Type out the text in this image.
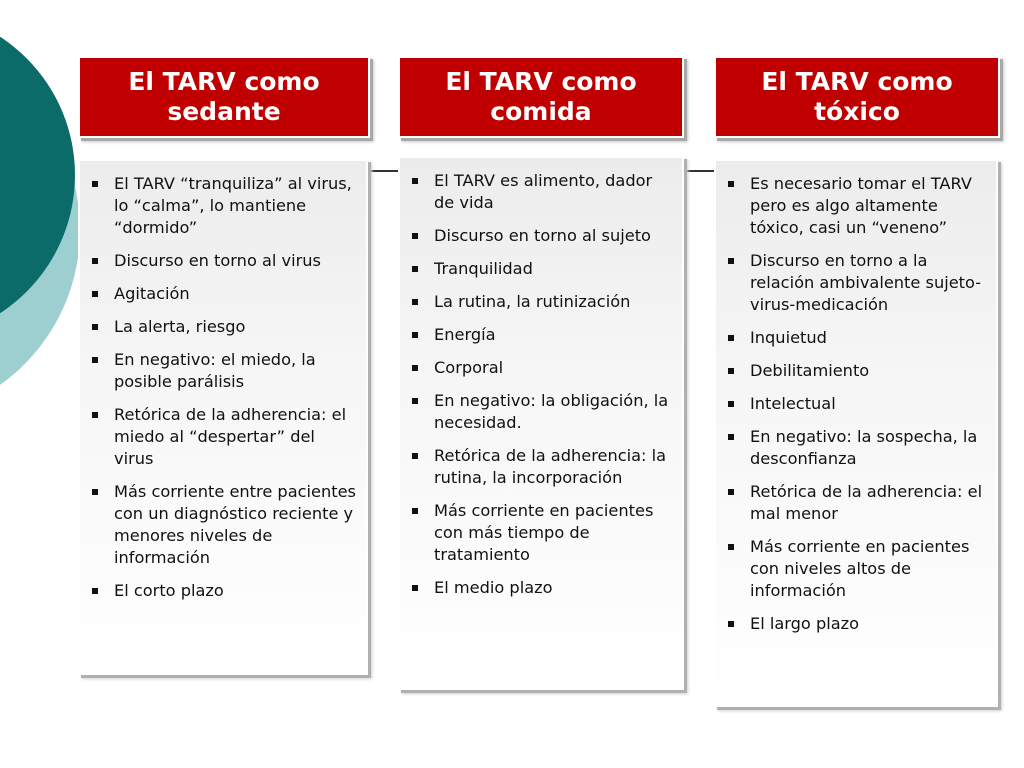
El TARV como
sedante
El TARV “tranquiliza” al virus, lo “calma”, lo mantiene “dormido”
Discurso en torno al virus
Agitación
La alerta, riesgo
En negativo: el miedo, la posible parálisis
Retórica de la adherencia: el miedo al “despertar” del virus
Más corriente entre pacientes con un diagnóstico reciente y menores niveles de información
El corto plazo
El TARV como
comida
El TARV es alimento, dador de vida
Discurso en torno al sujeto
Tranquilidad
La rutina, la rutinización
Energía
Corporal
En negativo: la obligación, la necesidad.
Retórica de la adherencia: la rutina, la incorporación
Más corriente en pacientes con más tiempo de tratamiento
El medio plazo
El TARV como
tóxico
Es necesario tomar el TARV pero es algo altamente tóxico, casi un “veneno”
Discurso en torno a la relación ambivalente sujeto-virus-medicación
Inquietud
Debilitamiento
Intelectual
En negativo: la sospecha, la desconfianza
Retórica de la adherencia: el mal menor
Más corriente en pacientes con niveles altos de información
El largo plazo
